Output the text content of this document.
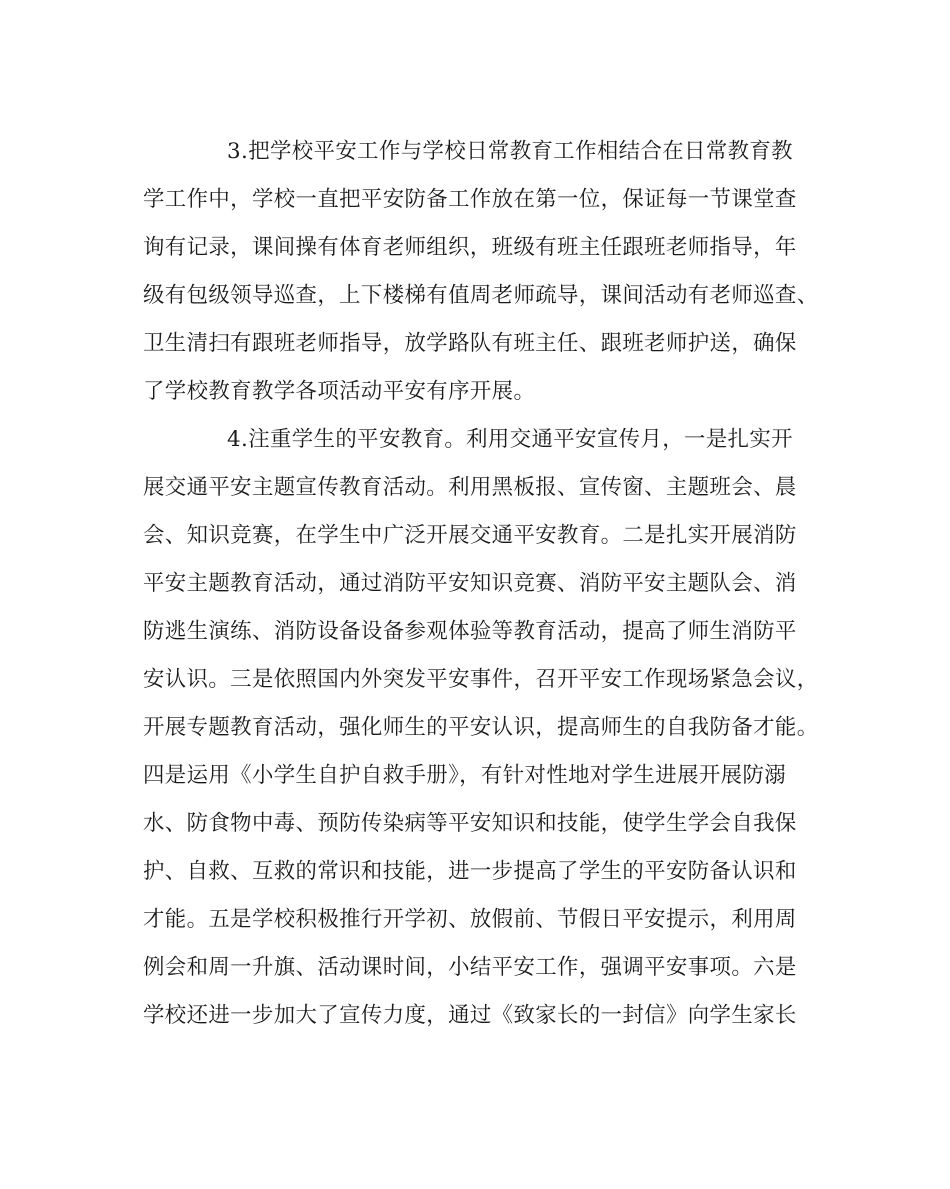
3.把学校平安工作与学校日常教育工作相结合在日常教育教
学工作中，学校一直把平安防备工作放在第一位，保证每一节课堂查
询有记录，课间操有体育老师组织，班级有班主任跟班老师指导，年
级有包级领导巡查，上下楼梯有值周老师疏导，课间活动有老师巡查、
卫生清扫有跟班老师指导，放学路队有班主任、跟班老师护送，确保
了学校教育教学各项活动平安有序开展。
4.注重学生的平安教育。利用交通平安宣传月，一是扎实开
展交通平安主题宣传教育活动。利用黑板报、宣传窗、主题班会、晨
会、知识竞赛，在学生中广泛开展交通平安教育。二是扎实开展消防
平安主题教育活动，通过消防平安知识竞赛、消防平安主题队会、消
防逃生演练、消防设备设备参观体验等教育活动，提高了师生消防平
安认识。三是依照国内外突发平安事件，召开平安工作现场紧急会议，
开展专题教育活动，强化师生的平安认识，提高师生的自我防备才能。
四是运用《小学生自护自救手册》，有针对性地对学生进展开展防溺
水、防食物中毒、预防传染病等平安知识和技能，使学生学会自我保
护、自救、互救的常识和技能，进一步提高了学生的平安防备认识和
才能。五是学校积极推行开学初、放假前、节假日平安提示，利用周
例会和周一升旗、活动课时间，小结平安工作，强调平安事项。六是
学校还进一步加大了宣传力度，通过《致家长的一封信》向学生家长
